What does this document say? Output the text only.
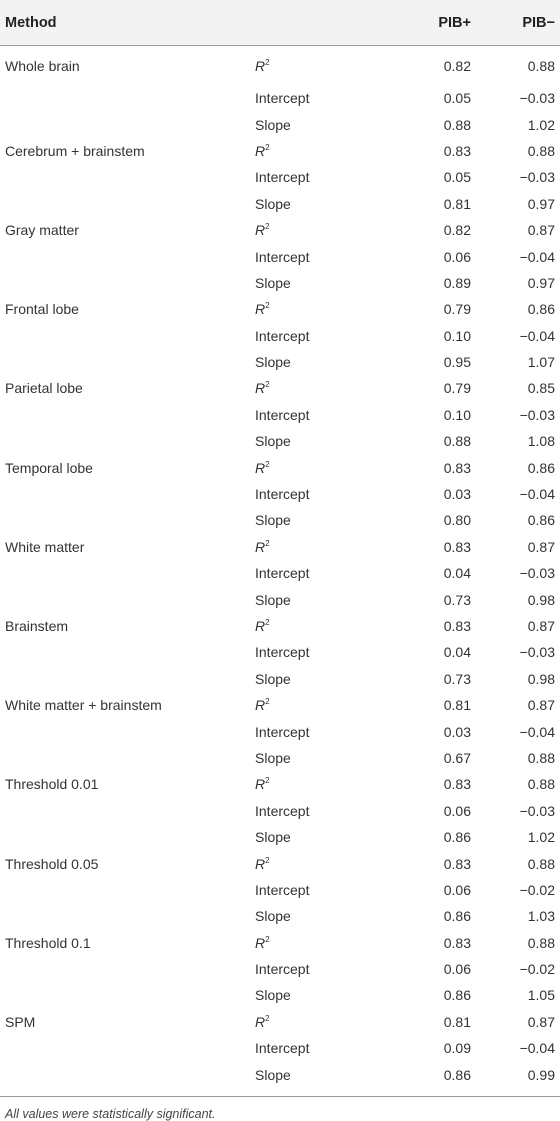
Method		PIB+	PIB−
Whole brain	$R^2$	0.82	0.88
	Intercept	0.05	−0.03
	Slope	0.88	1.02
Cerebrum + brainstem	$R^2$	0.83	0.88
	Intercept	0.05	−0.03
	Slope	0.81	0.97
Gray matter	$R^2$	0.82	0.87
	Intercept	0.06	−0.04
	Slope	0.89	0.97
Frontal lobe	$R^2$	0.79	0.86
	Intercept	0.10	−0.04
	Slope	0.95	1.07
Parietal lobe	$R^2$	0.79	0.85
	Intercept	0.10	−0.03
	Slope	0.88	1.08
Temporal lobe	$R^2$	0.83	0.86
	Intercept	0.03	−0.04
	Slope	0.80	0.86
White matter	$R^2$	0.83	0.87
	Intercept	0.04	−0.03
	Slope	0.73	0.98
Brainstem	$R^2$	0.83	0.87
	Intercept	0.04	−0.03
	Slope	0.73	0.98
White matter + brainstem	$R^2$	0.81	0.87
	Intercept	0.03	−0.04
	Slope	0.67	0.88
Threshold 0.01	$R^2$	0.83	0.88
	Intercept	0.06	−0.03
	Slope	0.86	1.02
Threshold 0.05	$R^2$	0.83	0.88
	Intercept	0.06	−0.02
	Slope	0.86	1.03
Threshold 0.1	$R^2$	0.83	0.88
	Intercept	0.06	−0.02
	Slope	0.86	1.05
SPM	$R^2$	0.81	0.87
	Intercept	0.09	−0.04
	Slope	0.86	0.99
All values were statistically significant.
